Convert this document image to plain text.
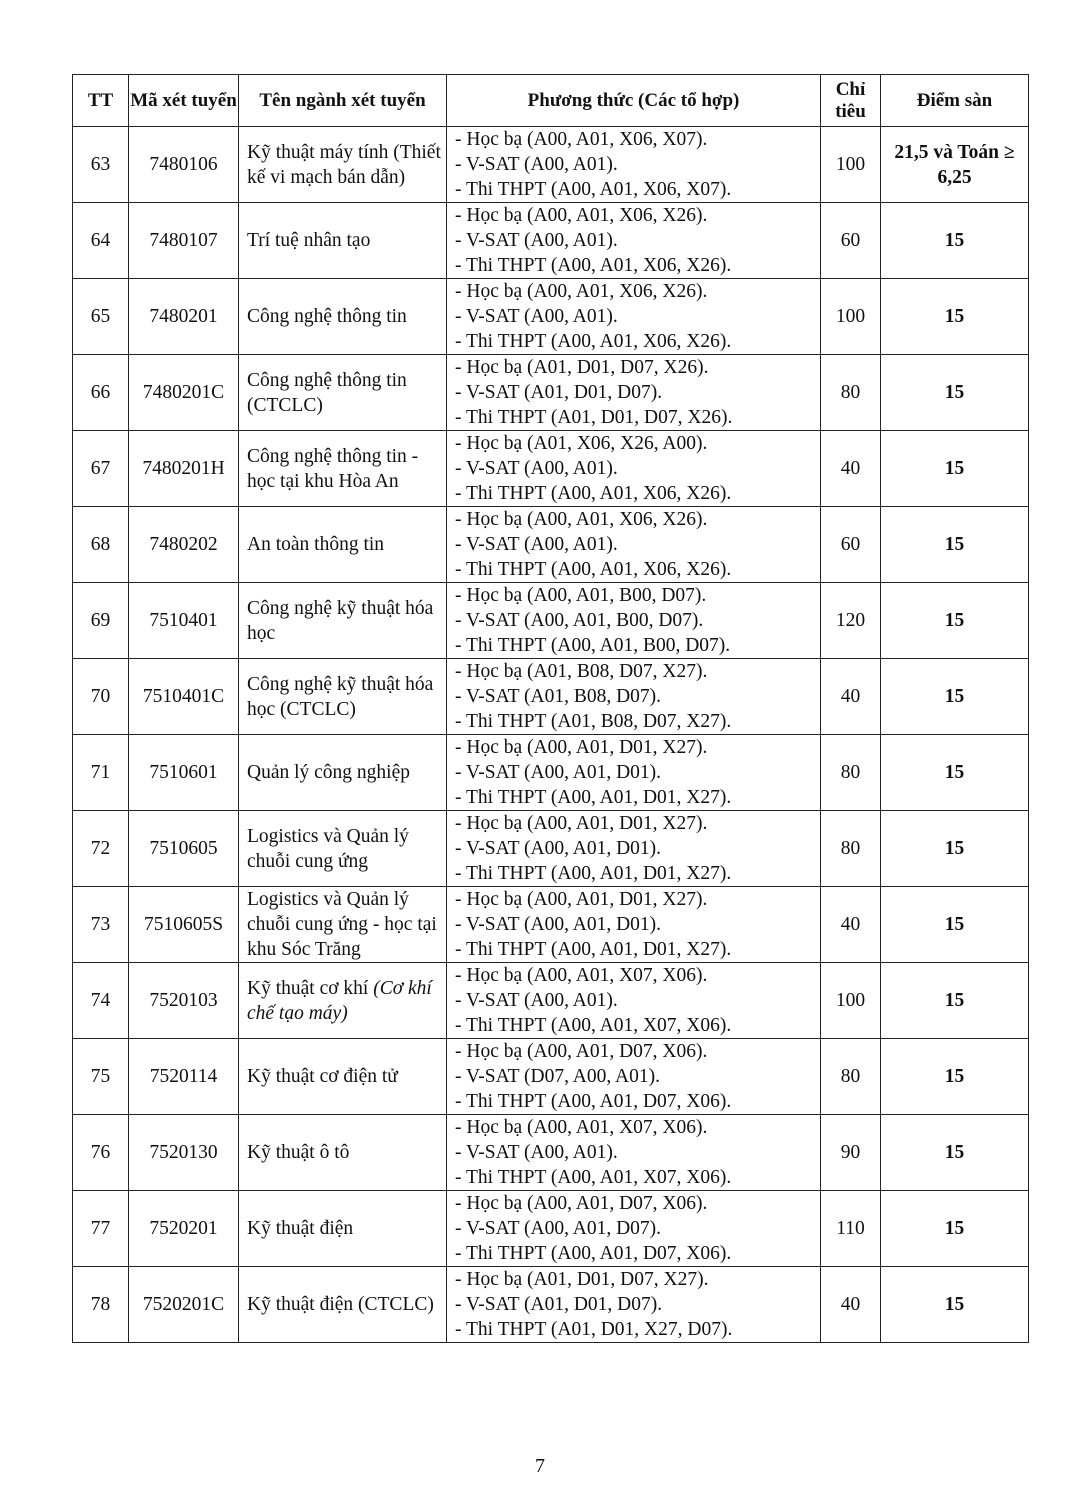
TT	Mã xét tuyển	Tên ngành xét tuyển	Phương thức (Các tổ hợp)	Chỉ tiêu	Điểm sàn
63	7480106	Kỹ thuật máy tính (Thiết kế vi mạch bán dẫn)	- Học bạ (A00, A01, X06, X07).
- V-SAT (A00, A01).
- Thi THPT (A00, A01, X06, X07).	100	21,5 và Toán ≥ 6,25
64	7480107	Trí tuệ nhân tạo	- Học bạ (A00, A01, X06, X26).
- V-SAT (A00, A01).
- Thi THPT (A00, A01, X06, X26).	60	15
65	7480201	Công nghệ thông tin	- Học bạ (A00, A01, X06, X26).
- V-SAT (A00, A01).
- Thi THPT (A00, A01, X06, X26).	100	15
66	7480201C	Công nghệ thông tin (CTCLC)	- Học bạ (A01, D01, D07, X26).
- V-SAT (A01, D01, D07).
- Thi THPT (A01, D01, D07, X26).	80	15
67	7480201H	Công nghệ thông tin - học tại khu Hòa An	- Học bạ (A01, X06, X26, A00).
- V-SAT (A00, A01).
- Thi THPT (A00, A01, X06, X26).	40	15
68	7480202	An toàn thông tin	- Học bạ (A00, A01, X06, X26).
- V-SAT (A00, A01).
- Thi THPT (A00, A01, X06, X26).	60	15
69	7510401	Công nghệ kỹ thuật hóa học	- Học bạ (A00, A01, B00, D07).
- V-SAT (A00, A01, B00, D07).
- Thi THPT (A00, A01, B00, D07).	120	15
70	7510401C	Công nghệ kỹ thuật hóa học (CTCLC)	- Học bạ (A01, B08, D07, X27).
- V-SAT (A01, B08, D07).
- Thi THPT (A01, B08, D07, X27).	40	15
71	7510601	Quản lý công nghiệp	- Học bạ (A00, A01, D01, X27).
- V-SAT (A00, A01, D01).
- Thi THPT (A00, A01, D01, X27).	80	15
72	7510605	Logistics và Quản lý chuỗi cung ứng	- Học bạ (A00, A01, D01, X27).
- V-SAT (A00, A01, D01).
- Thi THPT (A00, A01, D01, X27).	80	15
73	7510605S	Logistics và Quản lý chuỗi cung ứng - học tại khu Sóc Trăng	- Học bạ (A00, A01, D01, X27).
- V-SAT (A00, A01, D01).
- Thi THPT (A00, A01, D01, X27).	40	15
74	7520103	Kỹ thuật cơ khí (Cơ khí chế tạo máy)	- Học bạ (A00, A01, X07, X06).
- V-SAT (A00, A01).
- Thi THPT (A00, A01, X07, X06).	100	15
75	7520114	Kỹ thuật cơ điện tử	- Học bạ (A00, A01, D07, X06).
- V-SAT (D07, A00, A01).
- Thi THPT (A00, A01, D07, X06).	80	15
76	7520130	Kỹ thuật ô tô	- Học bạ (A00, A01, X07, X06).
- V-SAT (A00, A01).
- Thi THPT (A00, A01, X07, X06).	90	15
77	7520201	Kỹ thuật điện	- Học bạ (A00, A01, D07, X06).
- V-SAT (A00, A01, D07).
- Thi THPT (A00, A01, D07, X06).	110	15
78	7520201C	Kỹ thuật điện (CTCLC)	- Học bạ (A01, D01, D07, X27).
- V-SAT (A01, D01, D07).
- Thi THPT (A01, D01, X27, D07).	40	15
7
